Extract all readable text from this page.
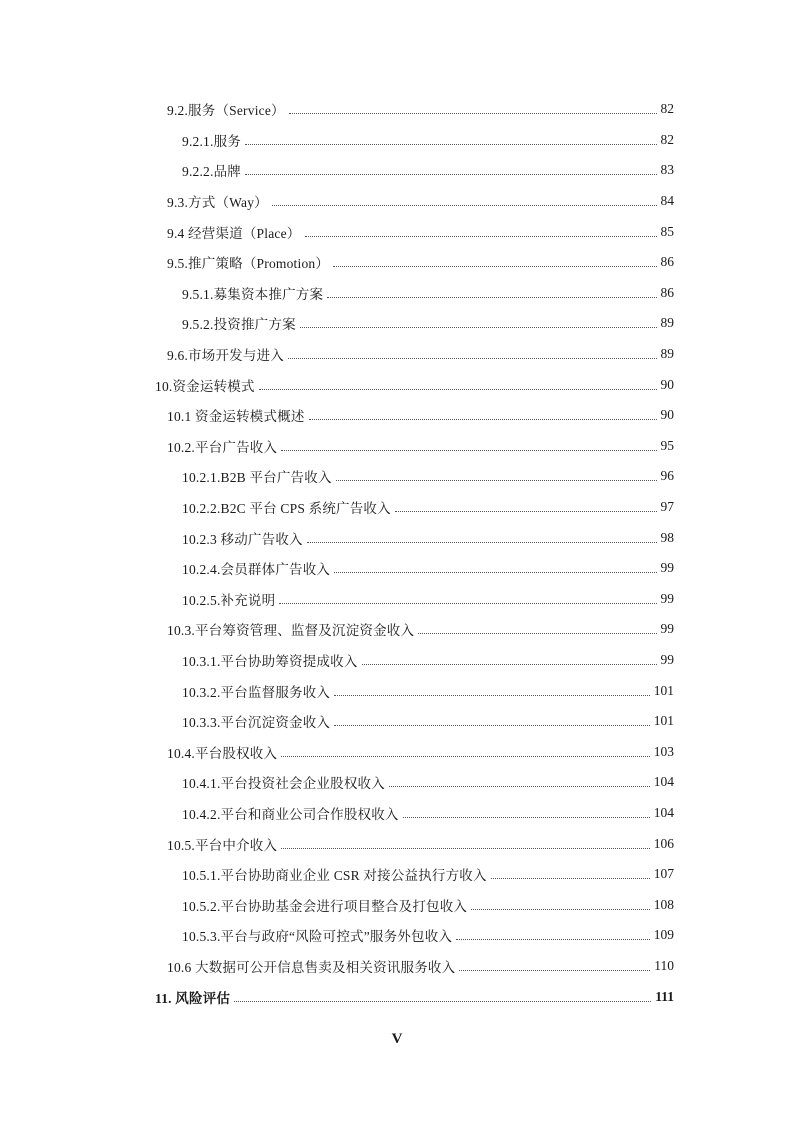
9.2.服务（Service）	82
9.2.1.服务	82
9.2.2.品牌	83
9.3.方式（Way）	84
9.4 经营渠道（Place）	85
9.5.推广策略（Promotion）	86
9.5.1.募集资本推广方案	86
9.5.2.投资推广方案	89
9.6.市场开发与进入	89
10.资金运转模式	90
10.1 资金运转模式概述	90
10.2.平台广告收入	95
10.2.1.B2B 平台广告收入	96
10.2.2.B2C 平台 CPS 系统广告收入	97
10.2.3 移动广告收入	98
10.2.4.会员群体广告收入	99
10.2.5.补充说明	99
10.3.平台筹资管理、监督及沉淀资金收入	99
10.3.1.平台协助筹资提成收入	99
10.3.2.平台监督服务收入	101
10.3.3.平台沉淀资金收入	101
10.4.平台股权收入	103
10.4.1.平台投资社会企业股权收入	104
10.4.2.平台和商业公司合作股权收入	104
10.5.平台中介收入	106
10.5.1.平台协助商业企业 CSR 对接公益执行方收入	107
10.5.2.平台协助基金会进行项目整合及打包收入	108
10.5.3.平台与政府“风险可控式”服务外包收入	109
10.6 大数据可公开信息售卖及相关资讯服务收入	110
11. 风险评估	111
V
